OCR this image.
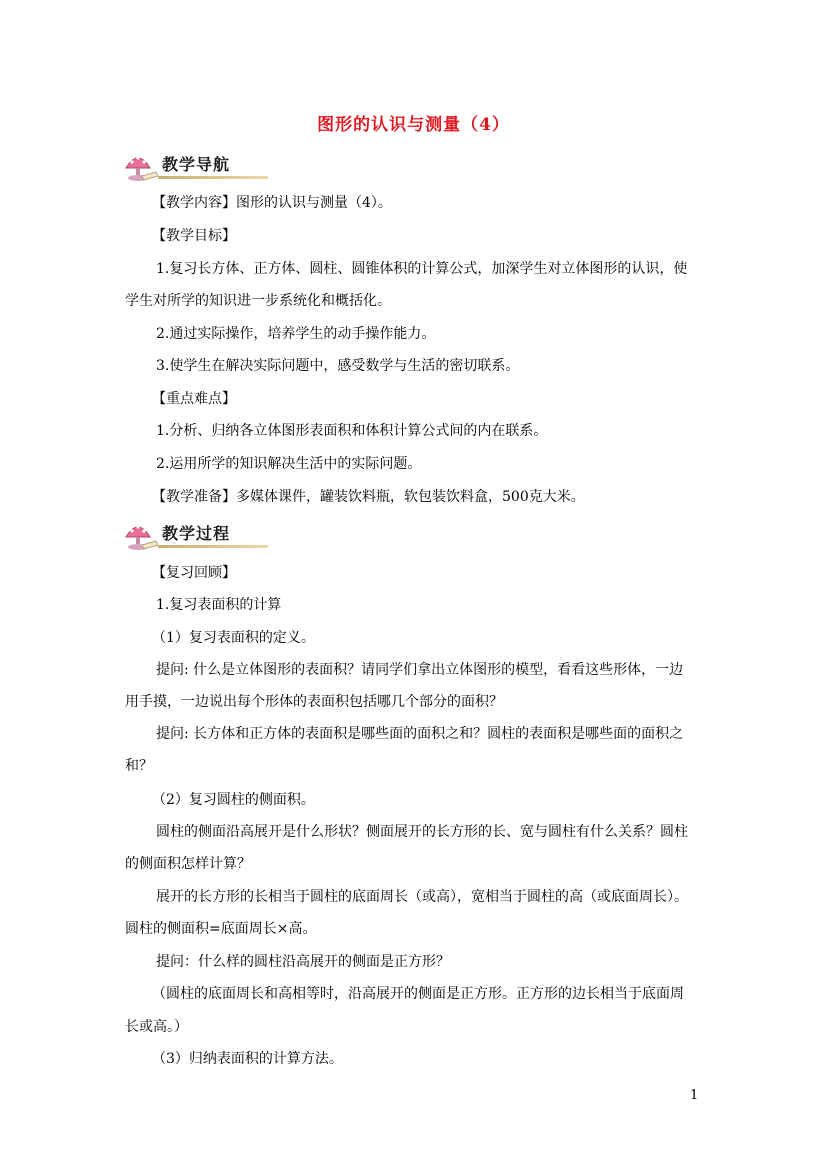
图形的认识与测量（4）
教学导航
【教学内容】图形的认识与测量（4）。
【教学目标】
1.复习长方体、正方体、圆柱、圆锥体积的计算公式，加深学生对立体图形的认识，使
学生对所学的知识进一步系统化和概括化。
2.通过实际操作，培养学生的动手操作能力。
3.使学生在解决实际问题中，感受数学与生活的密切联系。
【重点难点】
1.分析、归纳各立体图形表面积和体积计算公式间的内在联系。
2.运用所学的知识解决生活中的实际问题。
【教学准备】多媒体课件，罐装饮料瓶，软包装饮料盒，500克大米。
教学过程
【复习回顾】
1.复习表面积的计算
（1）复习表面积的定义。
提问: 什么是立体图形的表面积？请同学们拿出立体图形的模型，看看这些形体，一边
用手摸，一边说出每个形体的表面积包括哪几个部分的面积？
提问: 长方体和正方体的表面积是哪些面的面积之和？圆柱的表面积是哪些面的面积之
和？
（2）复习圆柱的侧面积。
圆柱的侧面沿高展开是什么形状？侧面展开的长方形的长、宽与圆柱有什么关系？圆柱
的侧面积怎样计算？
展开的长方形的长相当于圆柱的底面周长（或高），宽相当于圆柱的高（或底面周长）。
圆柱的侧面积=底面周长×高。
提问：什么样的圆柱沿高展开的侧面是正方形？
（圆柱的底面周长和高相等时，沿高展开的侧面是正方形。正方形的边长相当于底面周
长或高。）
（3）归纳表面积的计算方法。
1
